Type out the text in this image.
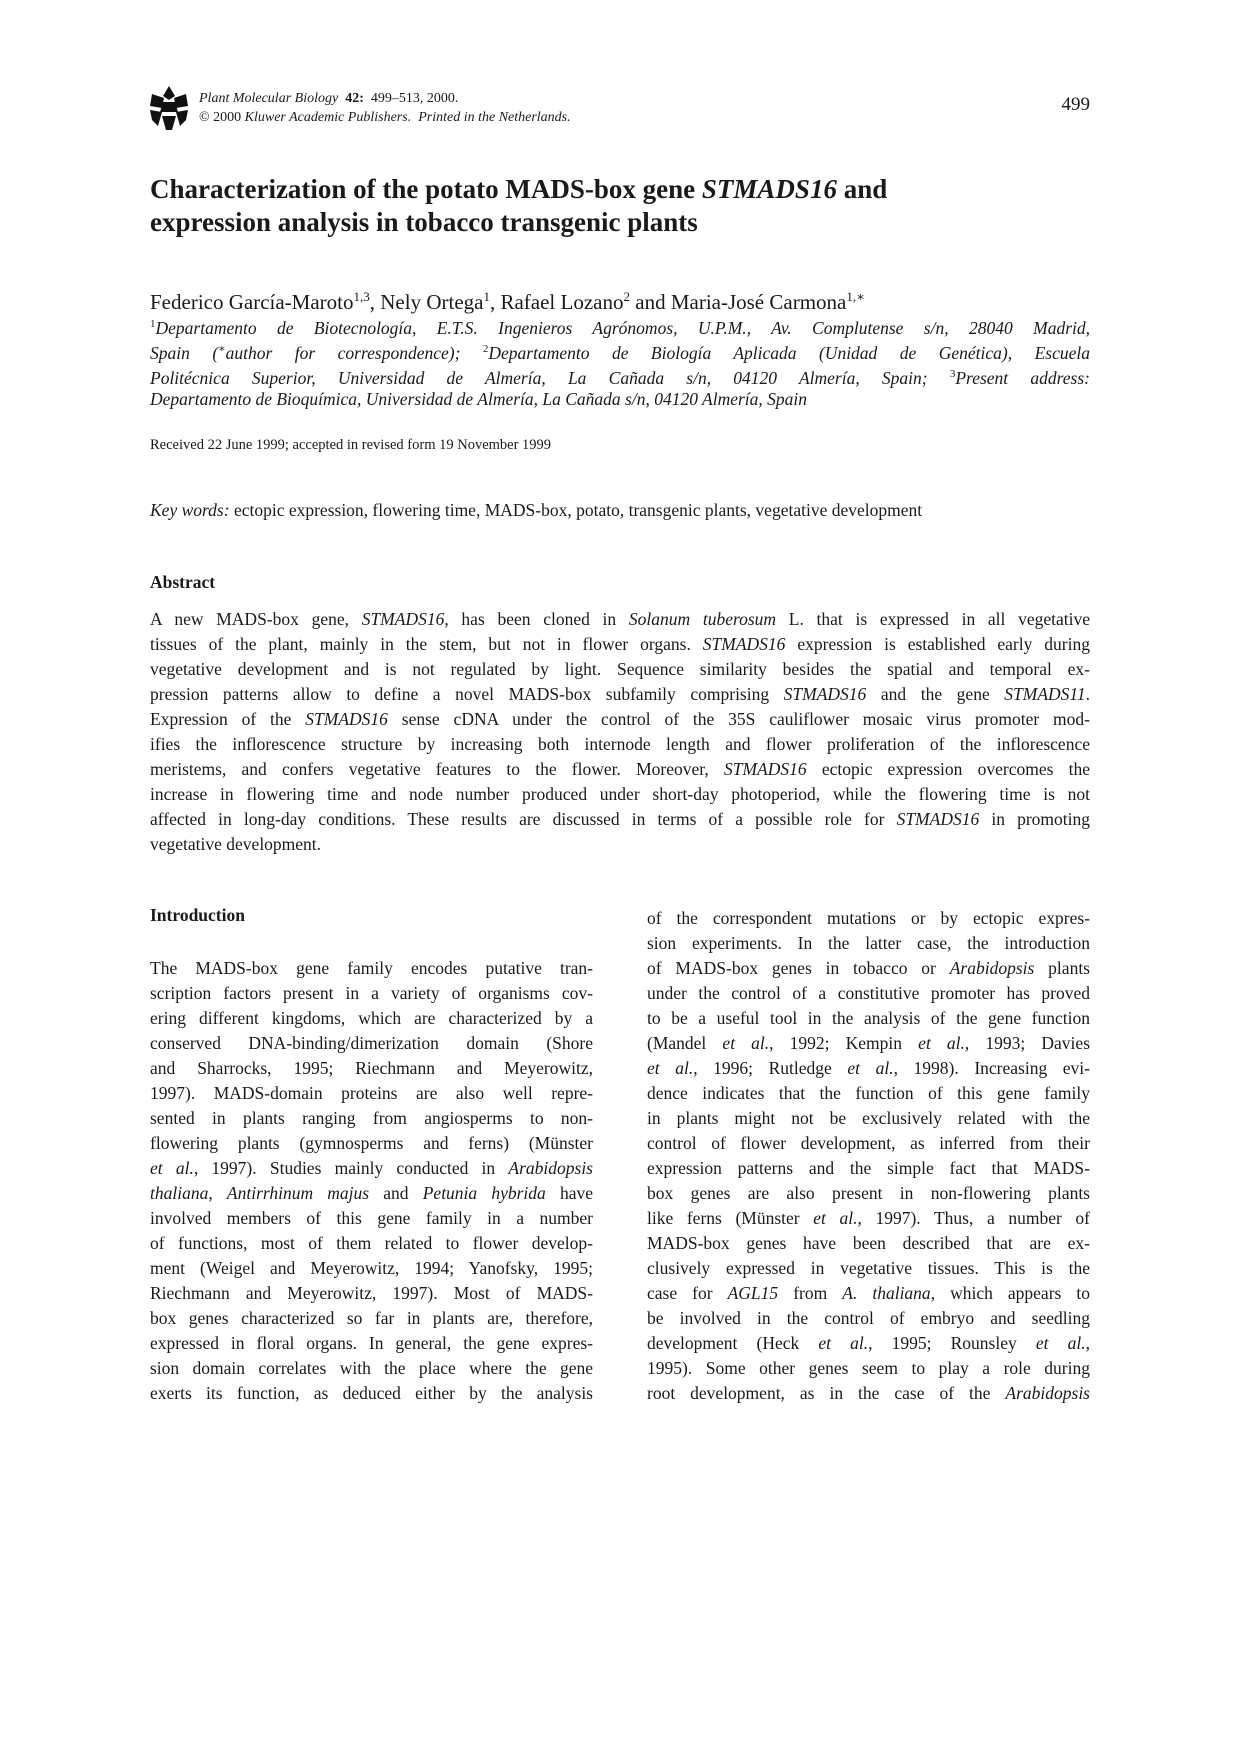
Plant Molecular Biology 42: 499–513, 2000.
© 2000 Kluwer Academic Publishers. Printed in the Netherlands.
499
Characterization of the potato MADS-box gene STMADS16 and
expression analysis in tobacco transgenic plants
Federico García-Maroto$^{1,3}$, Nely Ortega$^1$, Rafael Lozano$^2$ and Maria-José Carmona$^{1,∗}$
$^1$Departamento de Biotecnología, E.T.S. Ingenieros Agrónomos, U.P.M., Av. Complutense s/n, 28040 Madrid,
Spain (∗author for correspondence); $^2$Departamento de Biología Aplicada (Unidad de Genética), Escuela
Politécnica Superior, Universidad de Almería, La Cañada s/n, 04120 Almería, Spain; $^3$Present address:
Departamento de Bioquímica, Universidad de Almería, La Cañada s/n, 04120 Almería, Spain
Received 22 June 1999; accepted in revised form 19 November 1999
Key words: ectopic expression, flowering time, MADS-box, potato, transgenic plants, vegetative development
Abstract
A new MADS-box gene, STMADS16, has been cloned in Solanum tuberosum L. that is expressed in all vegetative
tissues of the plant, mainly in the stem, but not in flower organs. STMADS16 expression is established early during
vegetative development and is not regulated by light. Sequence similarity besides the spatial and temporal ex-
pression patterns allow to define a novel MADS-box subfamily comprising STMADS16 and the gene STMADS11.
Expression of the STMADS16 sense cDNA under the control of the 35S cauliflower mosaic virus promoter mod-
ifies the inflorescence structure by increasing both internode length and flower proliferation of the inflorescence
meristems, and confers vegetative features to the flower. Moreover, STMADS16 ectopic expression overcomes the
increase in flowering time and node number produced under short-day photoperiod, while the flowering time is not
affected in long-day conditions. These results are discussed in terms of a possible role for STMADS16 in promoting
vegetative development.
Introduction
The MADS-box gene family encodes putative tran-
scription factors present in a variety of organisms cov-
ering different kingdoms, which are characterized by a
conserved DNA-binding/dimerization domain (Shore
and Sharrocks, 1995; Riechmann and Meyerowitz,
1997). MADS-domain proteins are also well repre-
sented in plants ranging from angiosperms to non-
flowering plants (gymnosperms and ferns) (Münster
et al., 1997). Studies mainly conducted in Arabidopsis
thaliana, Antirrhinum majus and Petunia hybrida have
involved members of this gene family in a number
of functions, most of them related to flower develop-
ment (Weigel and Meyerowitz, 1994; Yanofsky, 1995;
Riechmann and Meyerowitz, 1997). Most of MADS-
box genes characterized so far in plants are, therefore,
expressed in floral organs. In general, the gene expres-
sion domain correlates with the place where the gene
exerts its function, as deduced either by the analysis
of the correspondent mutations or by ectopic expres-
sion experiments. In the latter case, the introduction
of MADS-box genes in tobacco or Arabidopsis plants
under the control of a constitutive promoter has proved
to be a useful tool in the analysis of the gene function
(Mandel et al., 1992; Kempin et al., 1993; Davies
et al., 1996; Rutledge et al., 1998). Increasing evi-
dence indicates that the function of this gene family
in plants might not be exclusively related with the
control of flower development, as inferred from their
expression patterns and the simple fact that MADS-
box genes are also present in non-flowering plants
like ferns (Münster et al., 1997). Thus, a number of
MADS-box genes have been described that are ex-
clusively expressed in vegetative tissues. This is the
case for AGL15 from A. thaliana, which appears to
be involved in the control of embryo and seedling
development (Heck et al., 1995; Rounsley et al.,
1995). Some other genes seem to play a role during
root development, as in the case of the Arabidopsis
